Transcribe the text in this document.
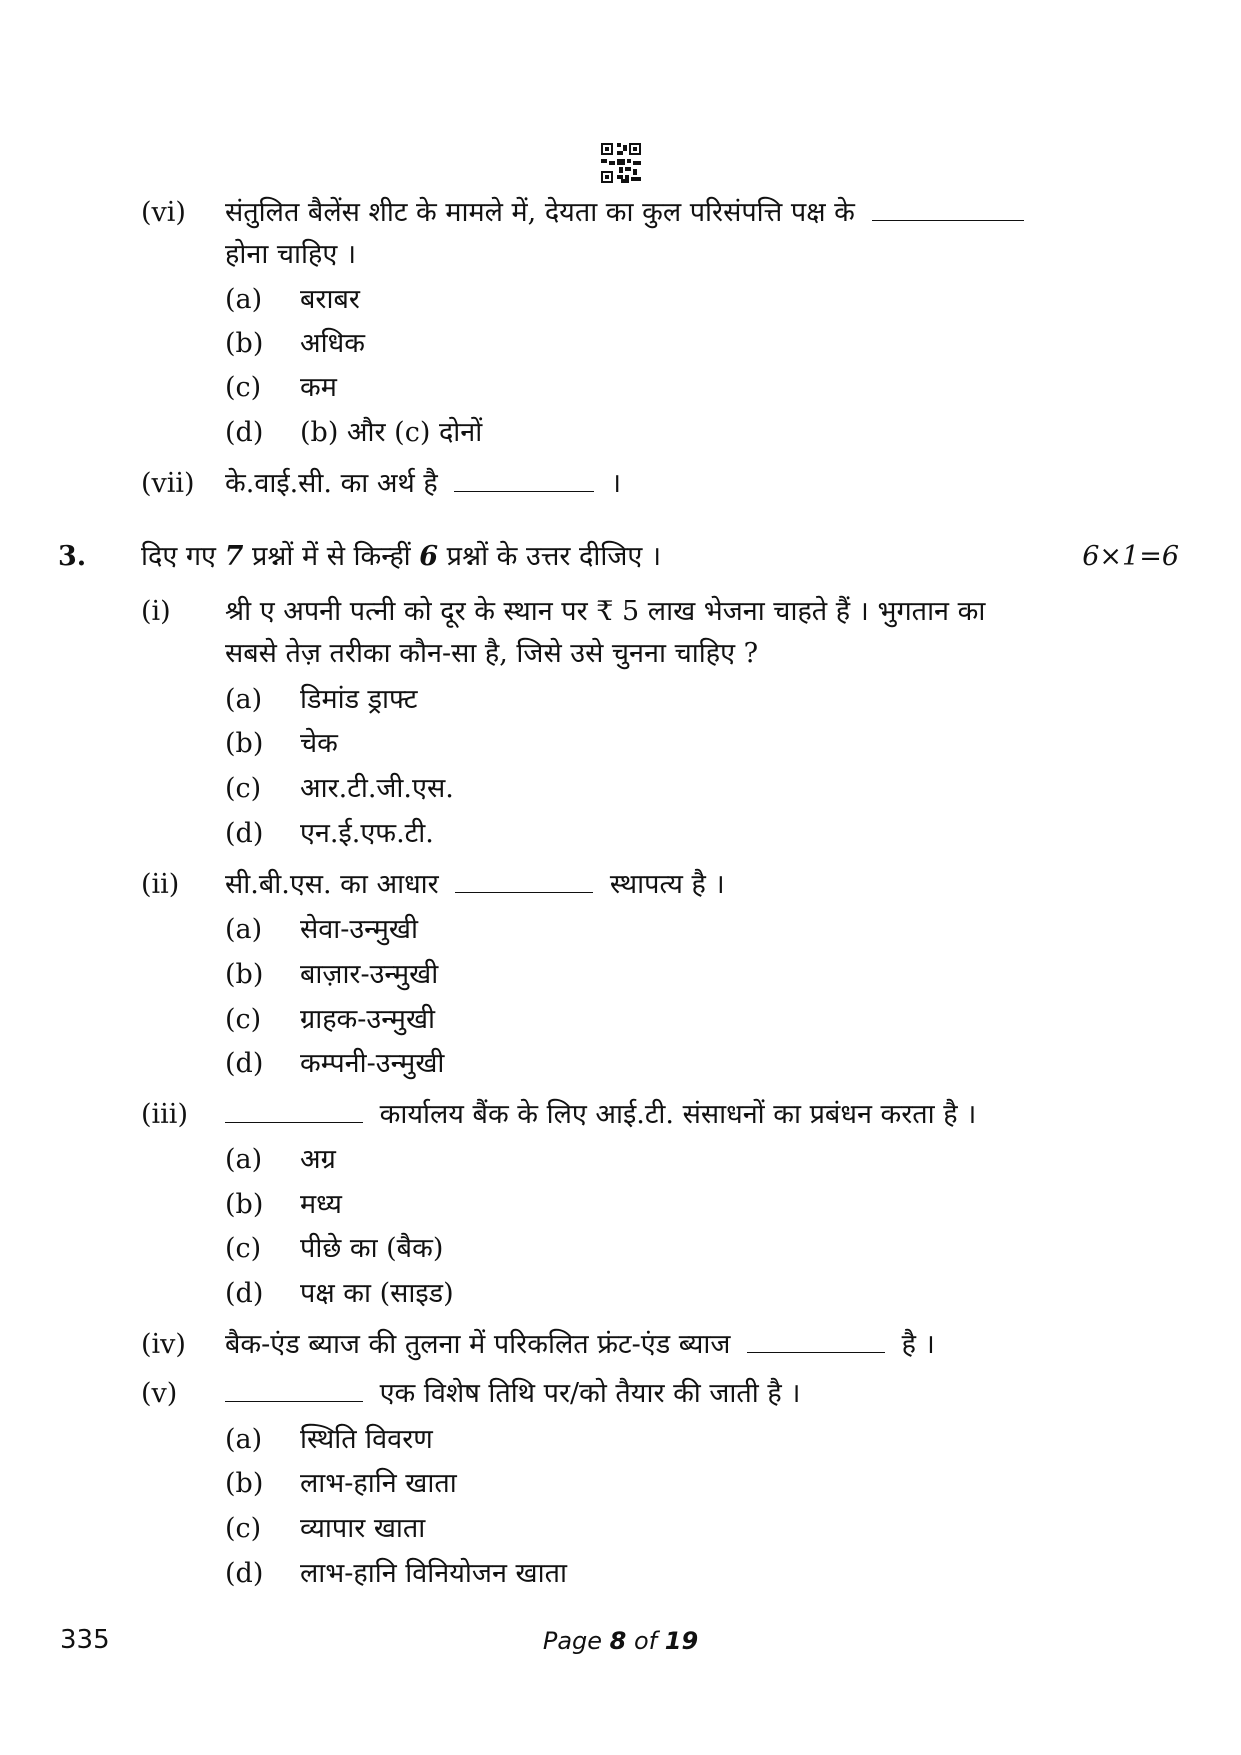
(vi) संतुलित बैलेंस शीट के मामले में, देयता का कुल परिसंपत्ति पक्ष के
होना चाहिए ।
(a) बराबर
(b) अधिक
(c) कम
(d) (b) और (c) दोनों
(vii) के.वाई.सी. का अर्थ है	।
3. दिए गए 7 प्रश्नों में से किन्हीं 6 प्रश्नों के उत्तर दीजिए ।	6×1=6
(i) श्री ए अपनी पत्नी को दूर के स्थान पर ₹ 5 लाख भेजना चाहते हैं । भुगतान का
सबसे तेज़ तरीका कौन-सा है, जिसे उसे चुनना चाहिए ?
(a) डिमांड ड्राफ्ट
(b) चेक
(c) आर.टी.जी.एस.
(d) एन.ई.एफ.टी.
(ii) सी.बी.एस. का आधार	स्थापत्य है ।
(a) सेवा-उन्मुखी
(b) बाज़ार-उन्मुखी
(c) ग्राहक-उन्मुखी
(d) कम्पनी-उन्मुखी
(iii)	कार्यालय बैंक के लिए आई.टी. संसाधनों का प्रबंधन करता है ।
(a) अग्र
(b) मध्य
(c) पीछे का (बैक)
(d) पक्ष का (साइड)
(iv) बैक-एंड ब्याज की तुलना में परिकलित फ्रंट-एंड ब्याज	है ।
(v)	एक विशेष तिथि पर/को तैयार की जाती है ।
(a) स्थिति विवरण
(b) लाभ-हानि खाता
(c) व्यापार खाता
(d) लाभ-हानि विनियोजन खाता
335	Page 8 of 19
